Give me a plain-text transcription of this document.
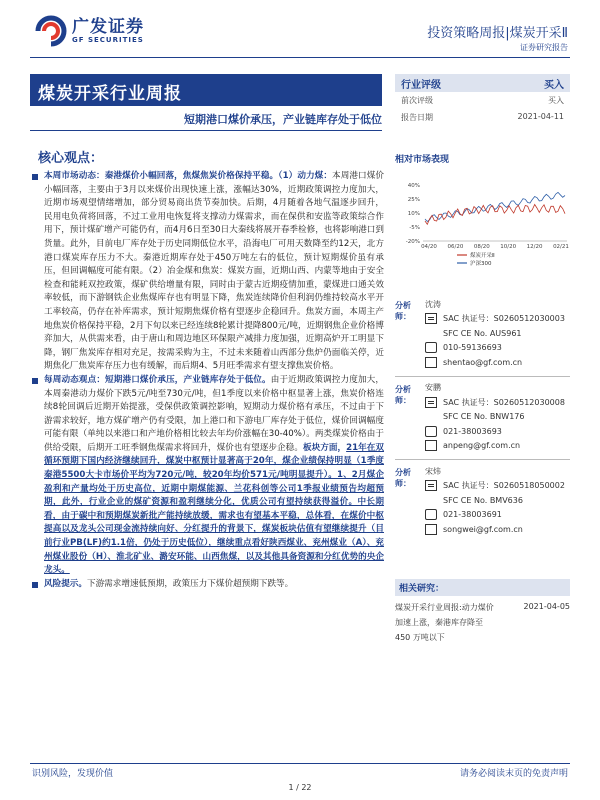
广发证券
GF SECURITIES	投资策略周报|煤炭开采Ⅱ
证券研究报告
煤炭开采行业周报
短期港口煤价承压，产业链库存处于低位
核心观点：
本周市场动态：秦港煤价小幅回落，焦煤焦炭价格保持平稳。（1）动力煤：本周港口煤价小幅回落，主要由于3月以来煤价出现快速上涨，涨幅达30%，近期政策调控力度加大，近期市场观望情绪增加，部分贸易商出货节奏加快。后期，4月随着各地气温逐步回升，民用电负荷将回落，不过工业用电恢复将支撑动力煤需求，而在保供和安监等政策综合作用下，预计煤矿增产可能仍有，而4月6日至30日大秦线将展开春季检修，也将影响港口到货量。此外，目前电厂库存处于历史同期低位水平，沿海电厂可用天数降至约12天，北方港口煤炭库存压力不大。秦港近期库存处于450万吨左右的低位，预计短期煤价虽有承压，但回调幅度可能有限。（2）冶金煤和焦炭：煤炭方面，近期山西、内蒙等地由于安全检查和能耗双控政策，煤矿供给增量有限，同时由于蒙古近期疫情加重，蒙煤进口通关效率较低，而下游钢铁企业焦煤库存也有明显下降，焦炭连续降价但利润仍维持较高水平开工率较高，仍存在补库需求，预计短期焦煤价格有望逐步企稳回升。焦炭方面，本周主产地焦炭价格保持平稳，2月下旬以来已经连续8轮累计提降800元/吨，近期钢焦企业价格博弈加大，从供需来看，由于唐山和周边地区环保限产减排力度加强，近期高炉开工明显下降，钢厂焦炭库存相对充足，按需采购为主，不过未来随着山西部分焦炉仍面临关停，近期焦化厂焦炭库存压力也有缓解，而后期4、5月旺季需求有望支撑焦炭价格。
每周动态观点：短期港口煤价承压，产业链库存处于低位。由于近期政策调控力度加大，本周秦港动力煤价下跌5元/吨至730元/吨，但1季度以来价格中枢显著上涨，焦炭价格连续8轮回调后近期开始提涨，受保供政策调控影响，短期动力煤价格有承压，不过由于下游需求较好，地方煤矿增产仍有受限，加上港口和下游电厂库存处于低位，煤价回调幅度可能有限（单纯以来港口和产地价格相比较去年均价涨幅在30-40%）。两类煤炭价格由于供给受限，后期开工旺季钢焦煤需求将回升，煤价也有望逐步企稳。板块方面，21年在双循环预期下国内经济继续回升，煤炭中枢预计显著高于20年，煤企业绩保持明显（1季度秦港5500大卡市场价平均为720元/吨，较20年均价571元/吨明显提升）。1、2月煤企盈利和产量均处于历史高位，近期中期煤能源、兰花科创等公司1季报业绩预告均超预期，此外，行业企业的煤矿资源和盈利继续分化，优质公司有望持续获得溢价。中长期看，由于碳中和预期煤炭新批产能持续放缓，需求也有望基本平稳，总体看，在煤价中枢提高以及龙头公司现金流持续向好、分红提升的背景下，煤炭板块估值有望继续提升（目前行业PB(LF)约1.1倍，仍处于历史低位），继续重点看好陕西煤业、兖州煤业（A）、兖州煤业股份（H）、淮北矿业、潞安环能、山西焦煤，以及其他具备资源和分红优势的央企龙头。
风险提示。下游需求增速低预期，政策压力下煤价超预期下跌等。
行业评级	买入
前次评级	买入
报告日期	2021-04-11
相对市场表现
40%
25%
10%
-5%
-20%
04/20 06/20 08/20 10/20 12/20 02/21
煤炭开采Ⅱ
沪深300
分析师：
沈涛
SAC 执证号：S0260512030003
SFC CE No. AUS961
010-59136693
shentao@gf.com.cn
分析师：
安鹏
SAC 执证号：S0260512030008
SFC CE No. BNW176
021-38003693
anpeng@gf.com.cn
分析师：
宋炜
SAC 执证号：S0260518050002
SFC CE No. BMV636
021-38003691
songwei@gf.com.cn
相关研究：
煤炭开采行业周报:动力煤价	2021-04-05
加速上涨，秦港库存降至
450 万吨以下
识别风险，发现价值	请务必阅读末页的免责声明
1 / 22
